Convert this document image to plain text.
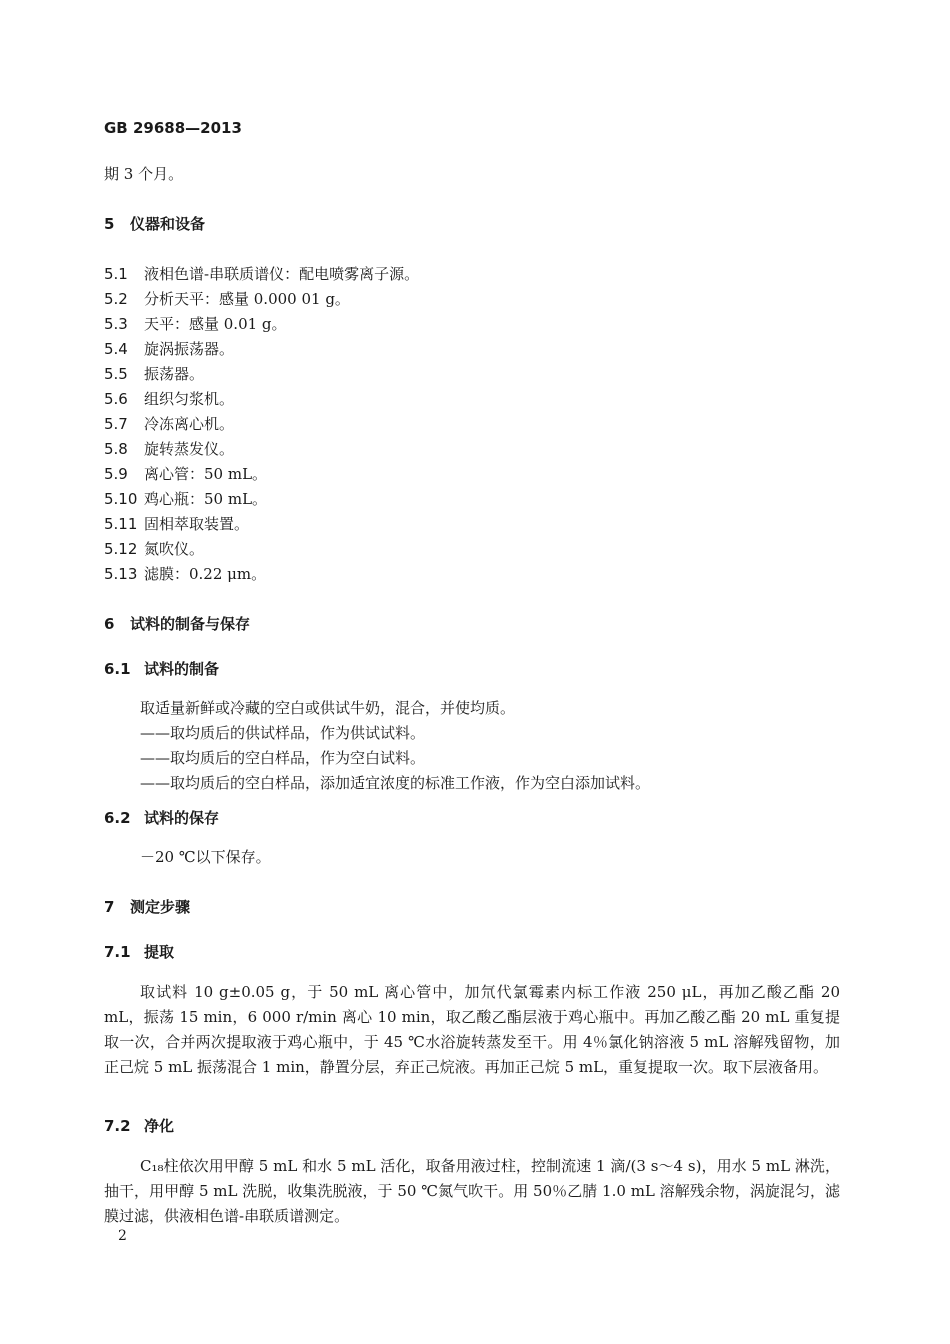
GB 29688—2013
期 3 个月。
5 仪器和设备
5.1 液相色谱-串联质谱仪：配电喷雾离子源。
5.2 分析天平：感量 0.000 01 g。
5.3 天平：感量 0.01 g。
5.4 旋涡振荡器。
5.5 振荡器。
5.6 组织匀浆机。
5.7 冷冻离心机。
5.8 旋转蒸发仪。
5.9 离心管：50 mL。
5.10 鸡心瓶：50 mL。
5.11 固相萃取装置。
5.12 氮吹仪。
5.13 滤膜：0.22 μm。
6 试料的制备与保存
6.1 试料的制备
取适量新鲜或冷藏的空白或供试牛奶，混合，并使均质。
——取均质后的供试样品，作为供试试料。
——取均质后的空白样品，作为空白试料。
——取均质后的空白样品，添加适宜浓度的标准工作液，作为空白添加试料。
6.2 试料的保存
－20 ℃以下保存。
7 测定步骤
7.1 提取
取试料 10 g±0.05 g，于 50 mL 离心管中，加氘代氯霉素内标工作液 250 μL，再加乙酸乙酯 20 mL，振荡 15 min，6 000 r/min 离心 10 min，取乙酸乙酯层液于鸡心瓶中。再加乙酸乙酯 20 mL 重复提取一次，合并两次提取液于鸡心瓶中，于 45 ℃水浴旋转蒸发至干。用 4％氯化钠溶液 5 mL 溶解残留物，加正己烷 5 mL 振荡混合 1 min，静置分层，弃正己烷液。再加正己烷 5 mL，重复提取一次。取下层液备用。
7.2 净化
C₁₈柱依次用甲醇 5 mL 和水 5 mL 活化，取备用液过柱，控制流速 1 滴/(3 s～4 s)，用水 5 mL 淋洗，抽干，用甲醇 5 mL 洗脱，收集洗脱液，于 50 ℃氮气吹干。用 50％乙腈 1.0 mL 溶解残余物，涡旋混匀，滤膜过滤，供液相色谱-串联质谱测定。
2
